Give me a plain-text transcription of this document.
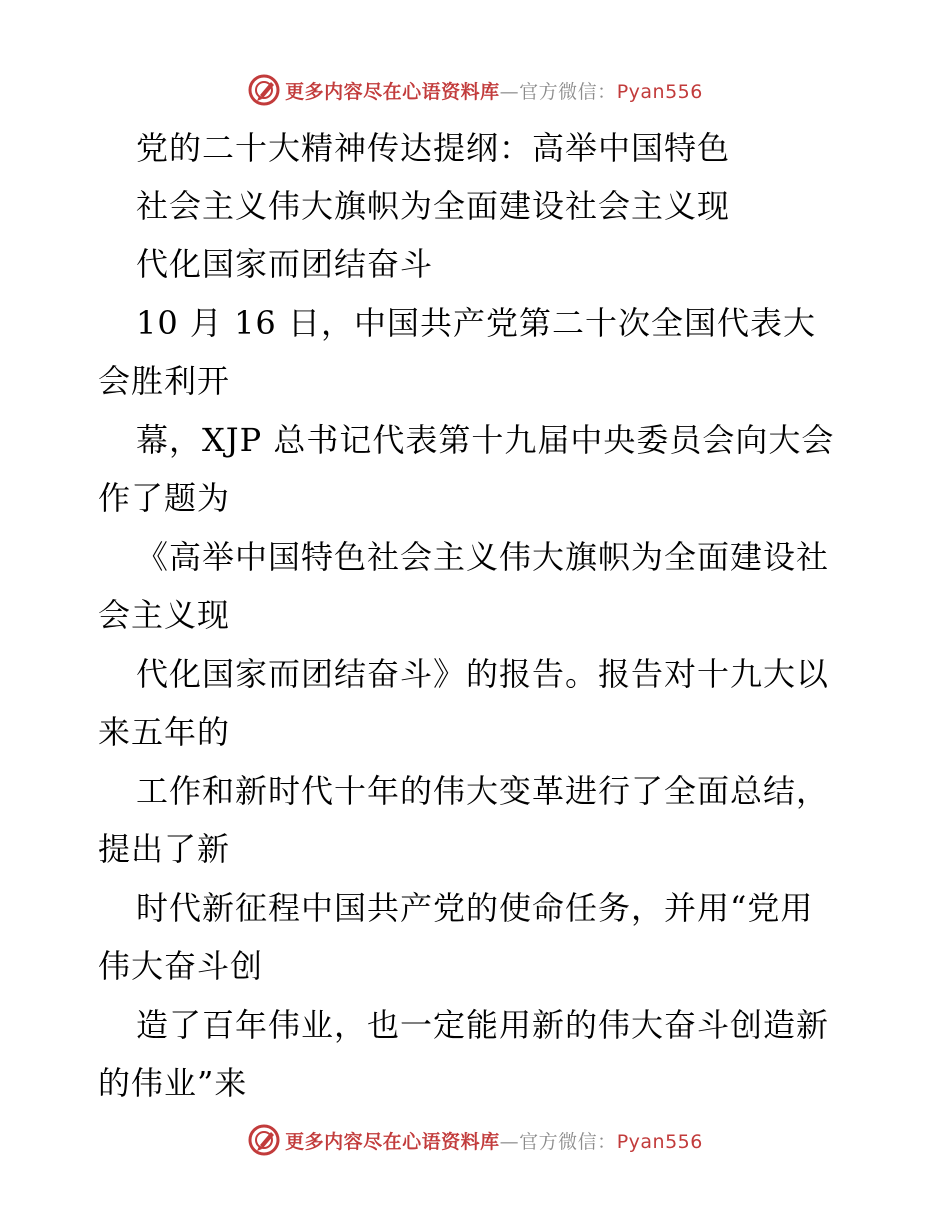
更多内容尽在心语资料库—官方微信：Pyan556
党的二十大精神传达提纲：高举中国特色
社会主义伟大旗帜为全面建设社会主义现
代化国家而团结奋斗
10 月 16 日，中国共产党第二十次全国代表大
会胜利开
幕，XJP 总书记代表第十九届中央委员会向大会
作了题为
《高举中国特色社会主义伟大旗帜为全面建设社
会主义现
代化国家而团结奋斗》的报告。报告对十九大以
来五年的
工作和新时代十年的伟大变革进行了全面总结，
提出了新
时代新征程中国共产党的使命任务，并用“党用
伟大奋斗创
造了百年伟业，也一定能用新的伟大奋斗创造新
的伟业”来
更多内容尽在心语资料库—官方微信：Pyan556
